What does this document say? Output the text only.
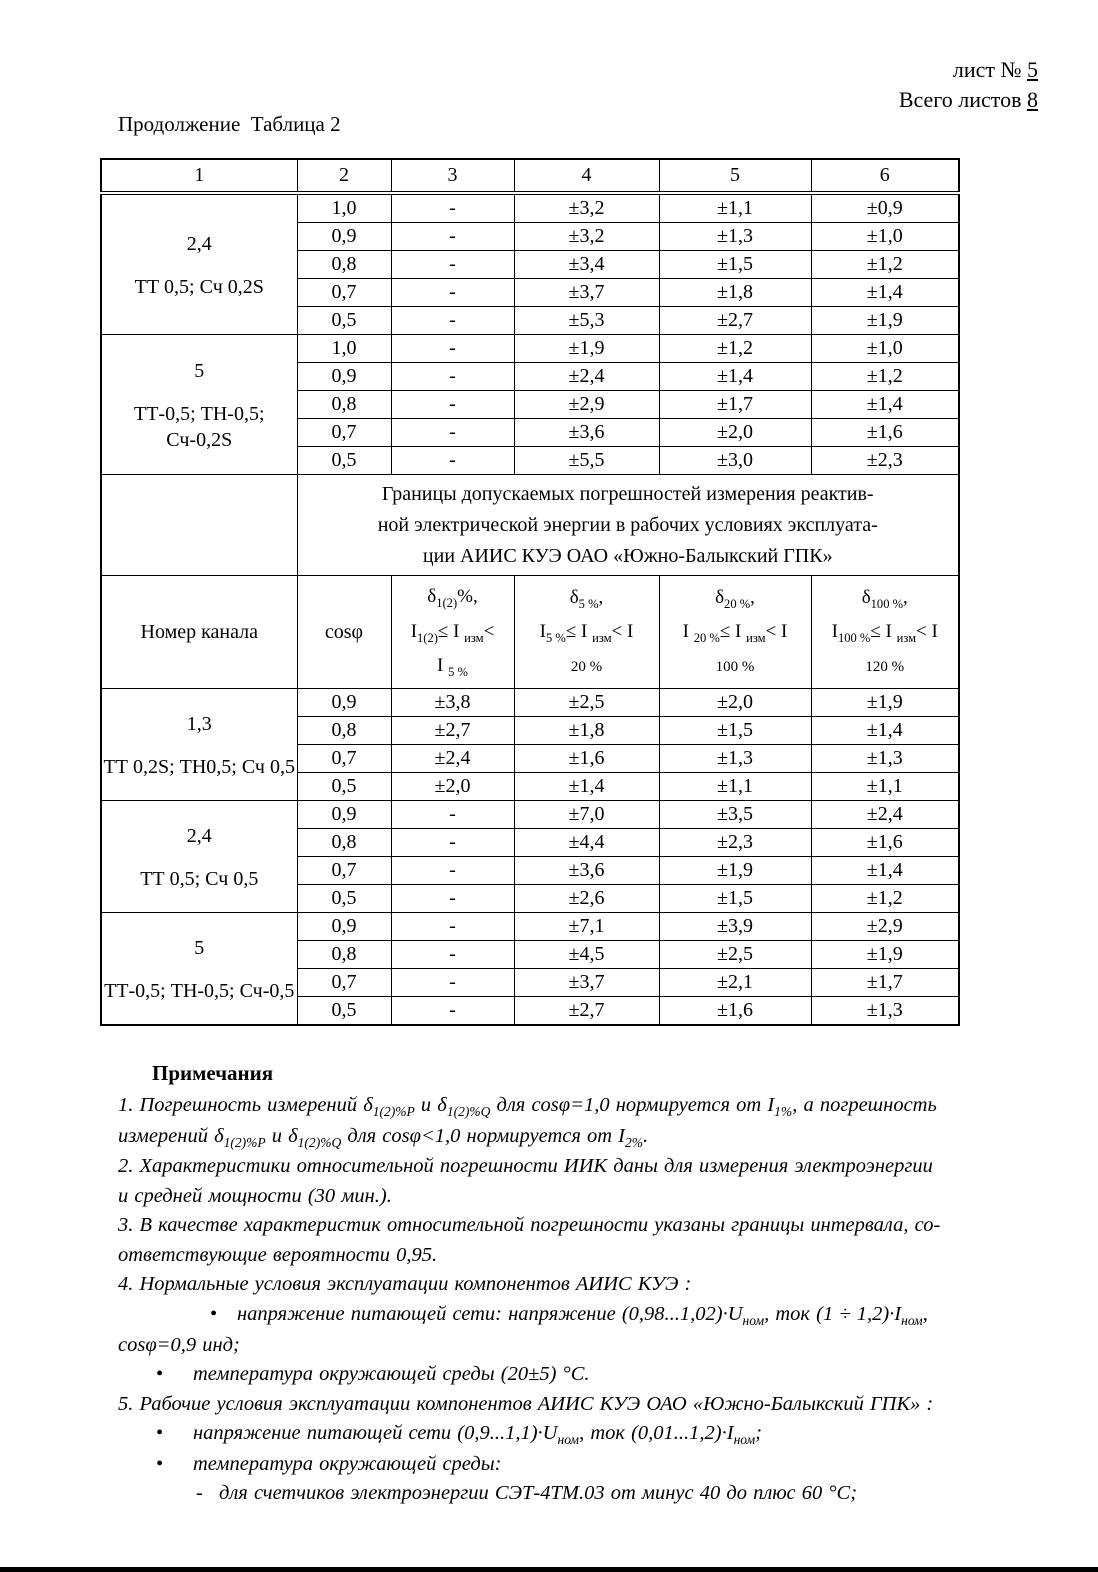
лист № 5
Всего листов 8
Продолжение  Таблица 2
1	2	3	4	5	6

2,4
ТТ 0,5; Сч 0,2S	1,0	-	±3,2	±1,1	±0,9
	0,9	-	±3,2	±1,3	±1,0
	0,8	-	±3,4	±1,5	±1,2
	0,7	-	±3,7	±1,8	±1,4
	0,5	-	±5,3	±2,7	±1,9

5
ТТ-0,5; ТН-0,5; Сч-0,2S	1,0	-	±1,9	±1,2	±1,0
	0,9	-	±2,4	±1,4	±1,2
	0,8	-	±2,9	±1,7	±1,4
	0,7	-	±3,6	±2,0	±1,6
	0,5	-	±5,5	±3,0	±2,3
	Границы допускаемых погрешностей измерения реактив-
ной электрической энергии в рабочих условиях эксплуата-
ции АИИС КУЭ ОАО «Южно-Балыкский ГПК»				
Номер канала	cosφ	$\delta_{1(2)}\%$,
$I_{1(2)}\le I$ $_{изм}$<
I $_{5 \%}$	$\delta_{5 \%}$,
$I_{5 \%}\le I$ $_{изм}$< I
20 %	$\delta_{20 \%}$,
I $_{20 \%}$≤ I $_{изм}$< I
100 %	$\delta_{100 \%}$,
$I_{100 \%}\le I$ $_{изм}$< I
120 %

1,3
ТТ 0,2S; ТН0,5; Сч 0,5	0,9	±3,8	±2,5	±2,0	±1,9
	0,8	±2,7	±1,8	±1,5	±1,4
	0,7	±2,4	±1,6	±1,3	±1,3
	0,5	±2,0	±1,4	±1,1	±1,1

2,4
ТТ 0,5; Сч 0,5	0,9	-	±7,0	±3,5	±2,4
	0,8	-	±4,4	±2,3	±1,6
	0,7	-	±3,6	±1,9	±1,4
	0,5	-	±2,6	±1,5	±1,2

5
ТТ-0,5; ТН-0,5; Сч-0,5	0,9	-	±7,1	±3,9	±2,9
	0,8	-	±4,5	±2,5	±1,9
	0,7	-	±3,7	±2,1	±1,7
	0,5	-	±2,7	±1,6	±1,3
Примечания
1. Погрешность измерений $\delta_{1(2)\%P}$ и $\delta_{1(2)\%Q}$ для cosφ=1,0 нормируется от $I_{1\%}$, а погрешность
измерений $\delta_{1(2)\%P}$ и $\delta_{1(2)\%Q}$ для cosφ<1,0 нормируется от $I_{2\%}$.
2. Характеристики относительной погрешности ИИК даны для измерения электроэнергии
и средней мощности (30 мин.).
3. В качестве характеристик относительной погрешности указаны границы интервала, со-
ответствующие вероятности 0,95.
4. Нормальные условия эксплуатации компонентов АИИС КУЭ :
• напряжение питающей сети: напряжение $(0,98...1,02)\cdot U_{ном}$, ток $(1 \div 1,2)\cdot I_{ном}$,
cosφ=0,9 инд;
• температура окружающей среды (20±5) °С.
5. Рабочие условия эксплуатации компонентов АИИС КУЭ ОАО «Южно-Балыкский ГПК» :
• напряжение питающей сети $(0,9...1,1)\cdot U_{ном}$, ток $(0,01...1,2)\cdot I_{ном}$;
• температура окружающей среды:
- для счетчиков электроэнергии СЭТ-4ТМ.03 от минус 40 до плюс 60 °С;
